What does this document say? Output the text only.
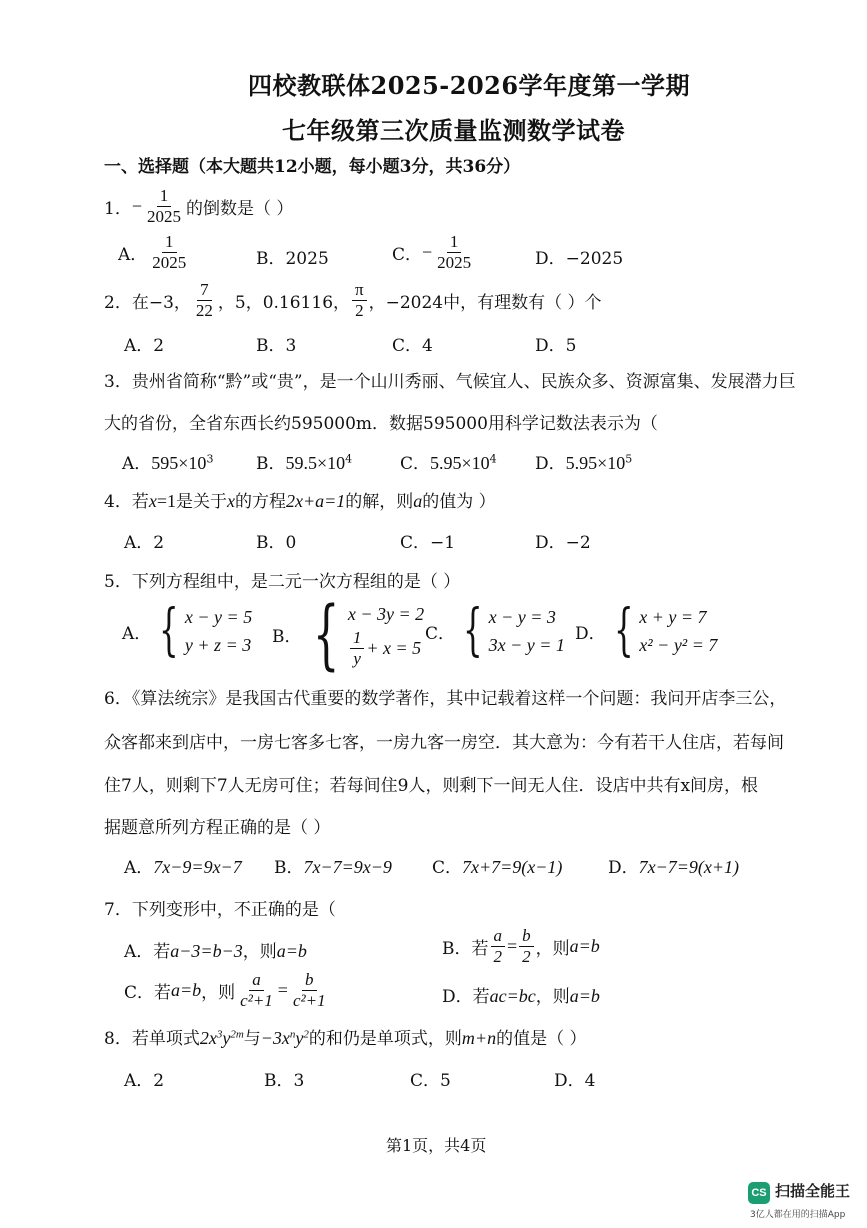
四校教联体2025-2026学年度第一学期
七年级第三次质量监测数学试卷
一、选择题（本大题共12小题，每小题3分，共36分）
1． − $\frac{1}{2025}$ 的倒数是（ ）
A． $\frac{1}{2025}$	B．2025	C． − $\frac{1}{2025}$	D．−2025
2．在 −3， $\frac{7}{22}$ ，5，0.16116， $\frac{\pi}{2}$ ，−2024中，有理数有（ ）个
A．2	B．3	C．4	D．5
3．贵州省简称“黔”或“贵”，是一个山川秀丽、气候宜人、民族众多、资源富集、发展潜力巨
大的省份，全省东西长约595000m．数据595000用科学记数法表示为（
A．$595\times 10^3$	B．$59.5\times 10^4$	C．$5.95\times 10^4$ D．$5.95\times 10^5$
4．若x=1是关于x的方程2x+a=1的解，则a的值为 ）
A．2	B．0	C．−1	D．−2
5．下列方程组中，是二元一次方程组的是（ ）
A． { x − y = 5
y + z = 3 B． { x − 3y = 2
$\frac{1}{y} + x = 5$
C． { x − y = 3
3x − y = 1
D． { x + y = 7
x² − y² = 7
6．《算法统宗》是我国古代重要的数学著作，其中记载着这样一个问题：我问开店李三公，
众客都来到店中，一房七客多七客，一房九客一房空．其大意为：今有若干人住店，若每间
住7人，则剩下7人无房可住；若每间住9人，则剩下一间无人住．设店中共有x间房，根
据题意所列方程正确的是（ ）
A．7x−9=9x−7 B．7x−7=9x−9 C．7x+7=9(x−1)	D．7x−7=9(x+1)
7．下列变形中，不正确的是（
A．若a−3=b−3，则a=b	B．若 $\frac{a}{2} = \frac{b}{2}$ ，则 a=b
C．若 a=b ，则 $\frac{a}{\text{c²+1}} = \frac{b}{\text{c²+1}}$	D．若ac=bc，则a=b
8．若单项式$2x^3y^{2m}$与$-3x^ny^2$的和仍是单项式，则m+n的值是（ ）
A．2	B．3	C．5	D．4
第1页，共4页
CS 扫描全能王
3亿人都在用的扫描App
